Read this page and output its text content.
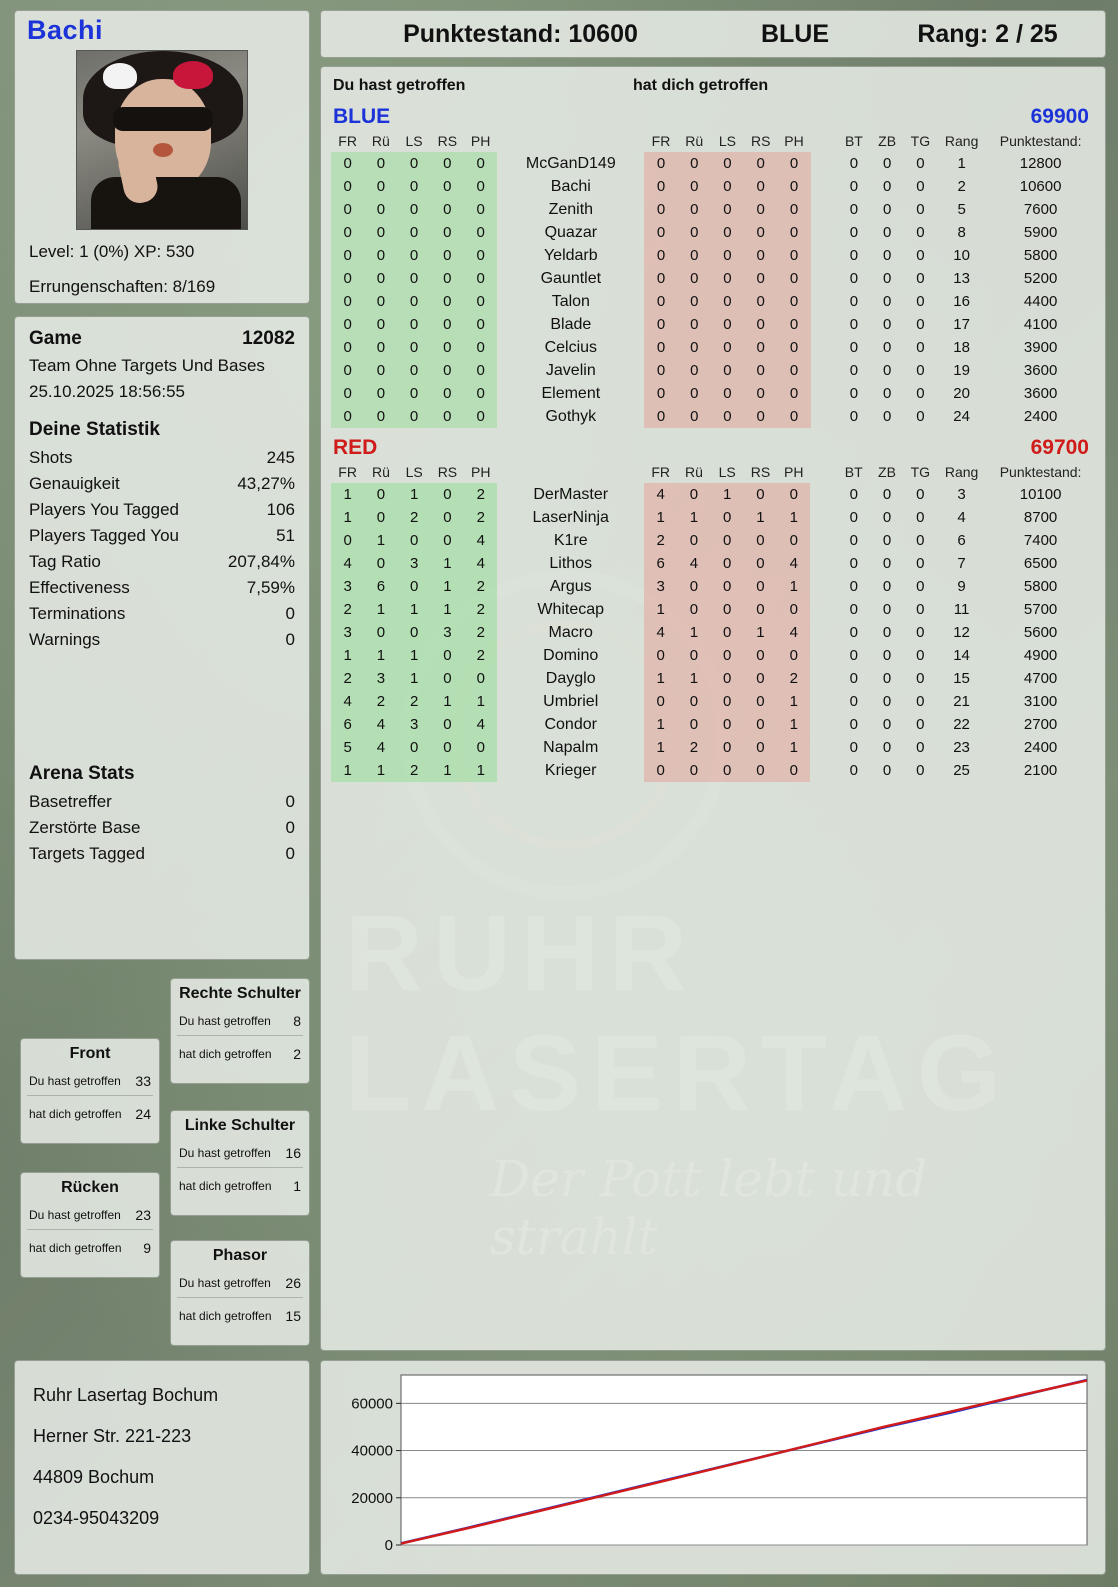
Punktestand: 10600	BLUE	Rang: 2 / 25
Bachi
Level: 1 (0%) XP: 530
Errungenschaften: 8/169
Game	12082
Team Ohne Targets Und Bases
25.10.2025 18:56:55
Deine Statistik
Shots	245
Genauigkeit	43,27%
Players You Tagged	106
Players Tagged You	51
Tag Ratio	207,84%
Effectiveness	7,59%
Terminations	0
Warnings	0
Arena Stats
Basetreffer	0
Zerstörte Base	0
Targets Tagged	0
Front
Du hast getroffen 33
hat dich getroffen 24
Rücken
Du hast getroffen 23
hat dich getroffen 9
Rechte Schulter
Du hast getroffen 8
hat dich getroffen 2
Linke Schulter
Du hast getroffen 16
hat dich getroffen 1
Phasor
Du hast getroffen 26
hat dich getroffen 15
Ruhr Lasertag Bochum
Herner Str. 221-223
44809 Bochum
0234-95043209
Du hast getroffen	hat dich getroffen
BLUE	69900
FR	Rü	LS	RS	PH		FR	Rü	LS	RS	PH		BT	ZB	TG	Rang	Punktestand:
0	0	0	0	0	McGanD149	0	0	0	0	0		0	0	0	1	12800
0	0	0	0	0	Bachi	0	0	0	0	0		0	0	0	2	10600
0	0	0	0	0	Zenith	0	0	0	0	0		0	0	0	5	7600
0	0	0	0	0	Quazar	0	0	0	0	0		0	0	0	8	5900
0	0	0	0	0	Yeldarb	0	0	0	0	0		0	0	0	10	5800
0	0	0	0	0	Gauntlet	0	0	0	0	0		0	0	0	13	5200
0	0	0	0	0	Talon	0	0	0	0	0		0	0	0	16	4400
0	0	0	0	0	Blade	0	0	0	0	0		0	0	0	17	4100
0	0	0	0	0	Celcius	0	0	0	0	0		0	0	0	18	3900
0	0	0	0	0	Javelin	0	0	0	0	0		0	0	0	19	3600
0	0	0	0	0	Element	0	0	0	0	0		0	0	0	20	3600
0	0	0	0	0	Gothyk	0	0	0	0	0		0	0	0	24	2400
RED	69700
FR	Rü	LS	RS	PH		FR	Rü	LS	RS	PH		BT	ZB	TG	Rang	Punktestand:
1	0	1	0	2	DerMaster	4	0	1	0	0		0	0	0	3	10100
1	0	2	0	2	LaserNinja	1	1	0	1	1		0	0	0	4	8700
0	1	0	0	4	K1re	2	0	0	0	0		0	0	0	6	7400
4	0	3	1	4	Lithos	6	4	0	0	4		0	0	0	7	6500
3	6	0	1	2	Argus	3	0	0	0	1		0	0	0	9	5800
2	1	1	1	2	Whitecap	1	0	0	0	0		0	0	0	11	5700
3	0	0	3	2	Macro	4	1	0	1	4		0	0	0	12	5600
1	1	1	0	2	Domino	0	0	0	0	0		0	0	0	14	4900
2	3	1	0	0	Dayglo	1	1	0	0	2		0	0	0	15	4700
4	2	2	1	1	Umbriel	0	0	0	0	1		0	0	0	21	3100
6	4	3	0	4	Condor	1	0	0	0	1		0	0	0	22	2700
5	4	0	0	0	Napalm	1	2	0	0	1		0	0	0	23	2400
1	1	2	1	1	Krieger	0	0	0	0	0		0	0	0	25	2100
0
20000
40000
60000
